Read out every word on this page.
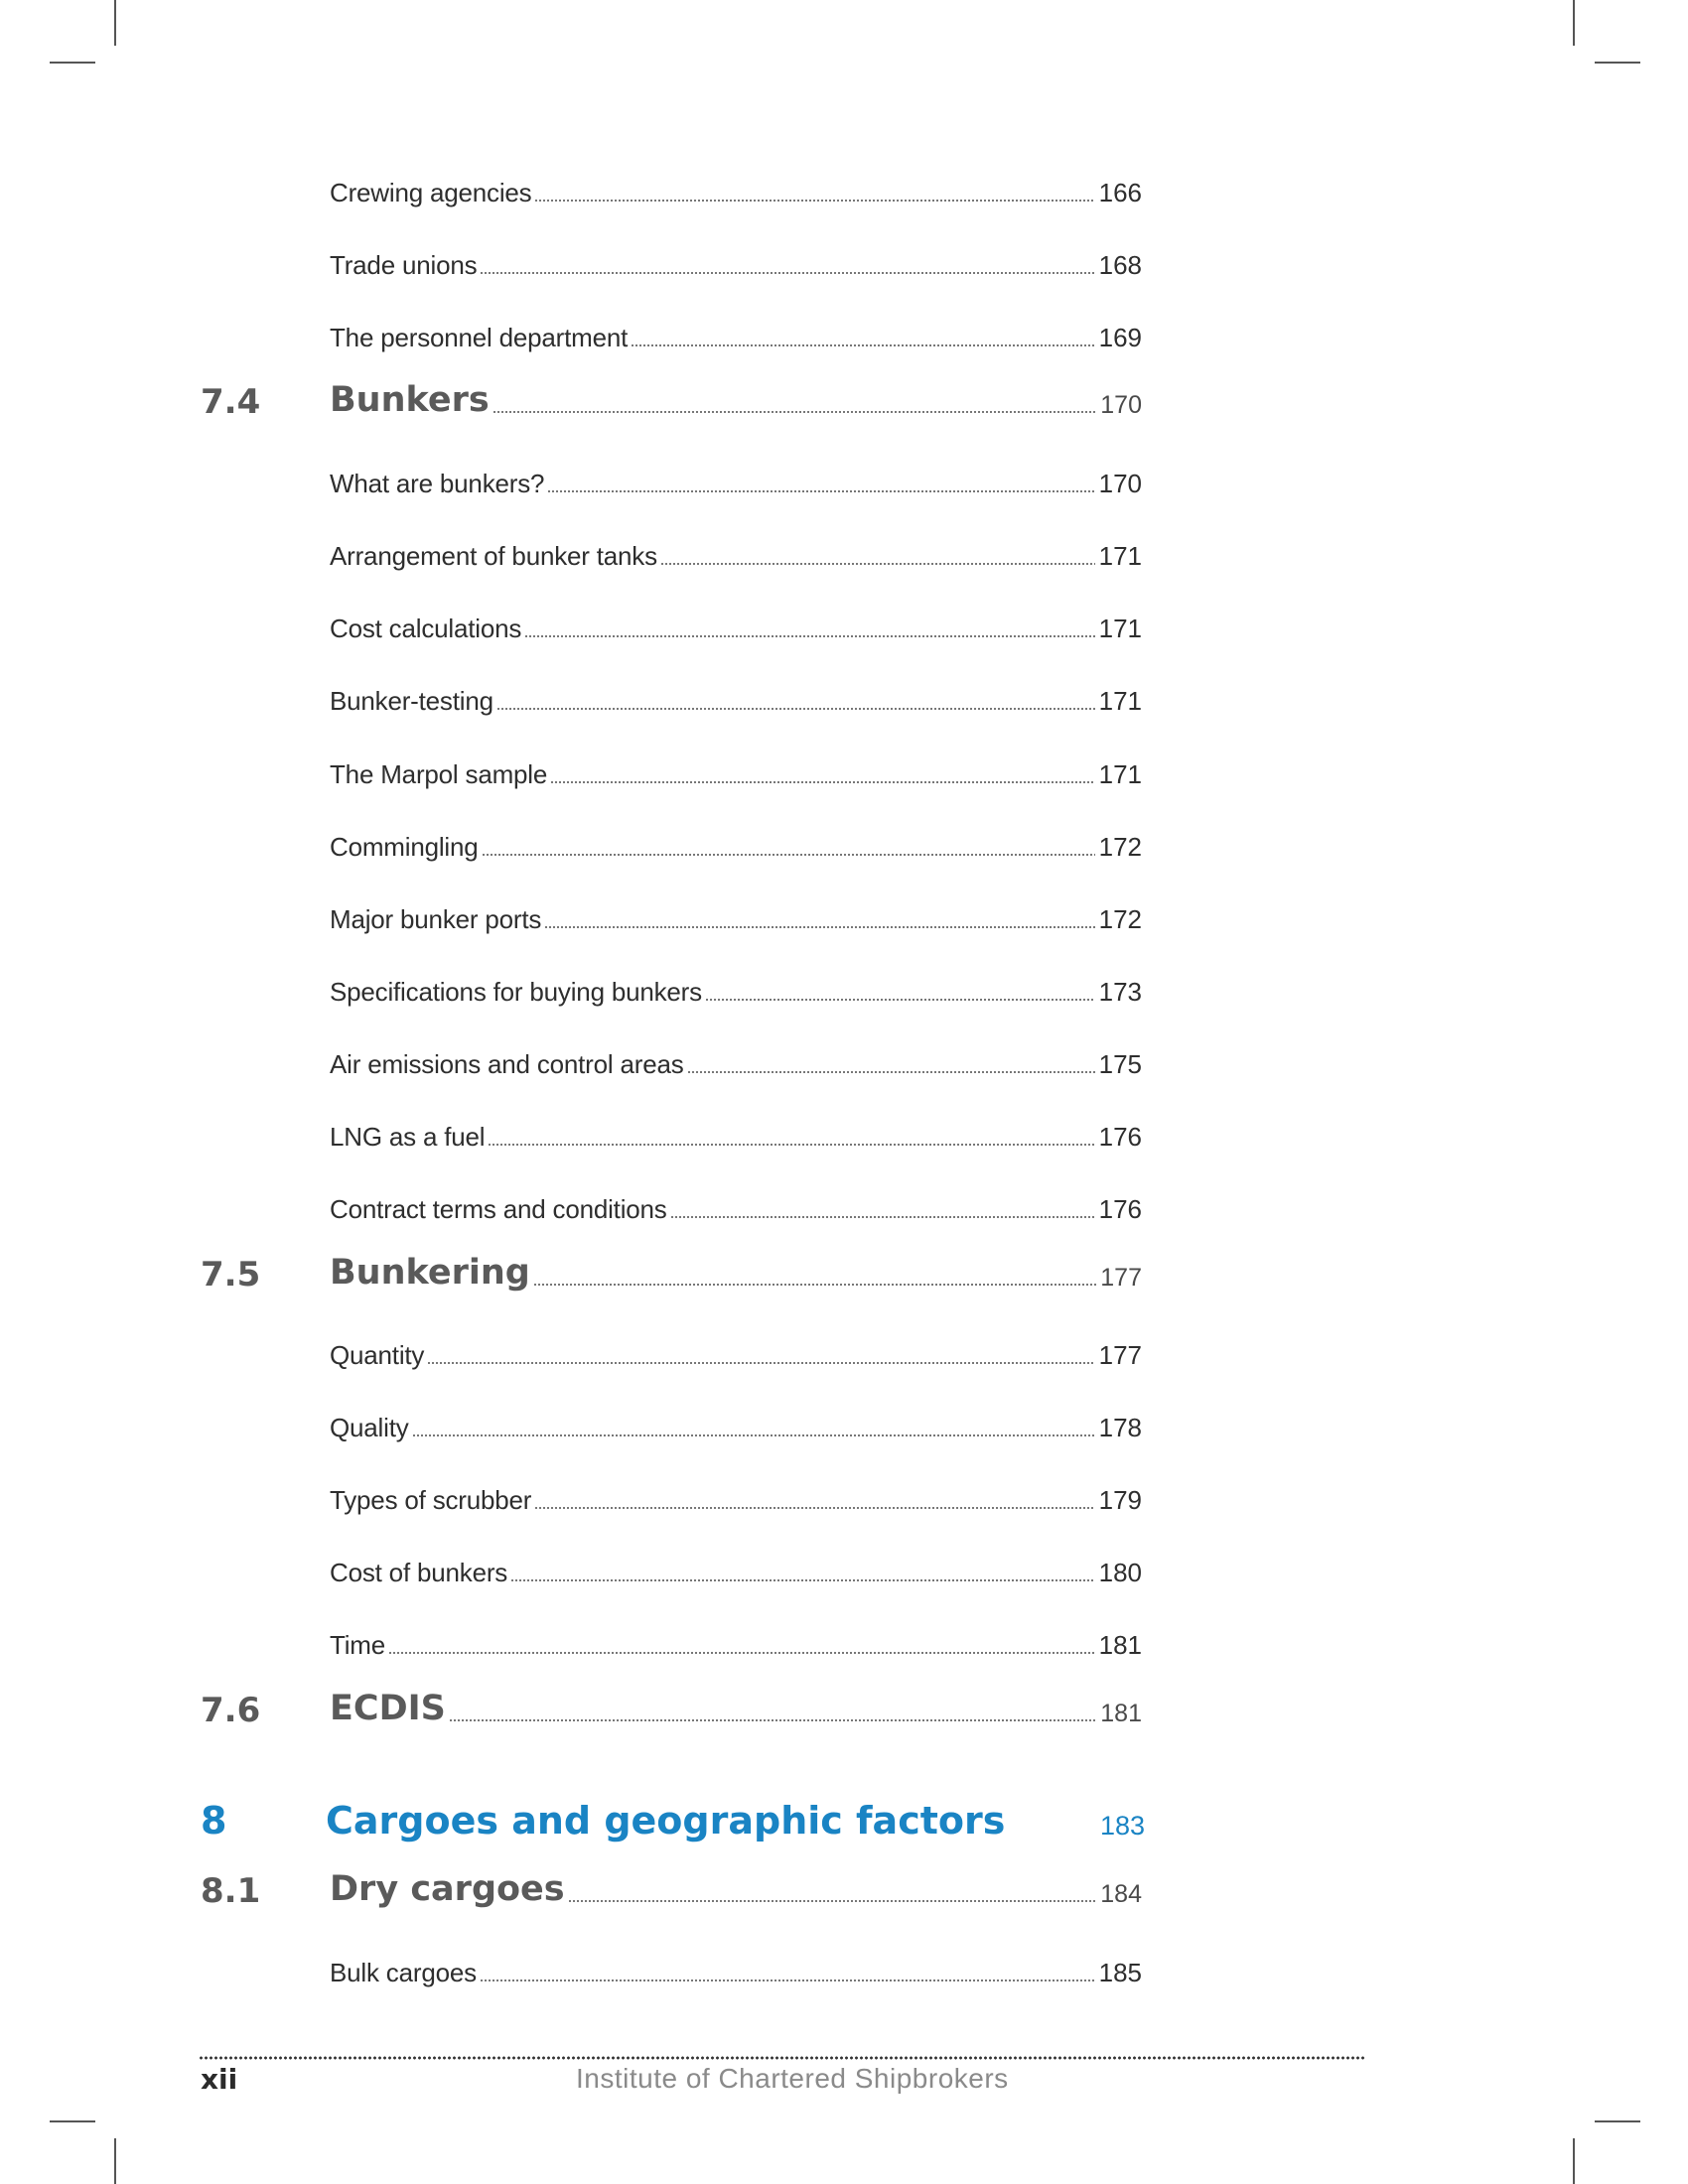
Crewing agencies	166
Trade unions	168
The personnel department	169
7.4 Bunkers	170
What are bunkers?	170
Arrangement of bunker tanks	171
Cost calculations	171
Bunker-testing	171
The Marpol sample	171
Commingling	172
Major bunker ports	172
Specifications for buying bunkers	173
Air emissions and control areas	175
LNG as a fuel	176
Contract terms and conditions	176
7.5 Bunkering	177
Quantity	177
Quality	178
Types of scrubber	179
Cost of bunkers	180
Time	181
7.6 ECDIS	181
8	Cargoes and geographic factors	183
8.1 Dry cargoes	184
Bulk cargoes	185
xii	Institute of Chartered Shipbrokers
